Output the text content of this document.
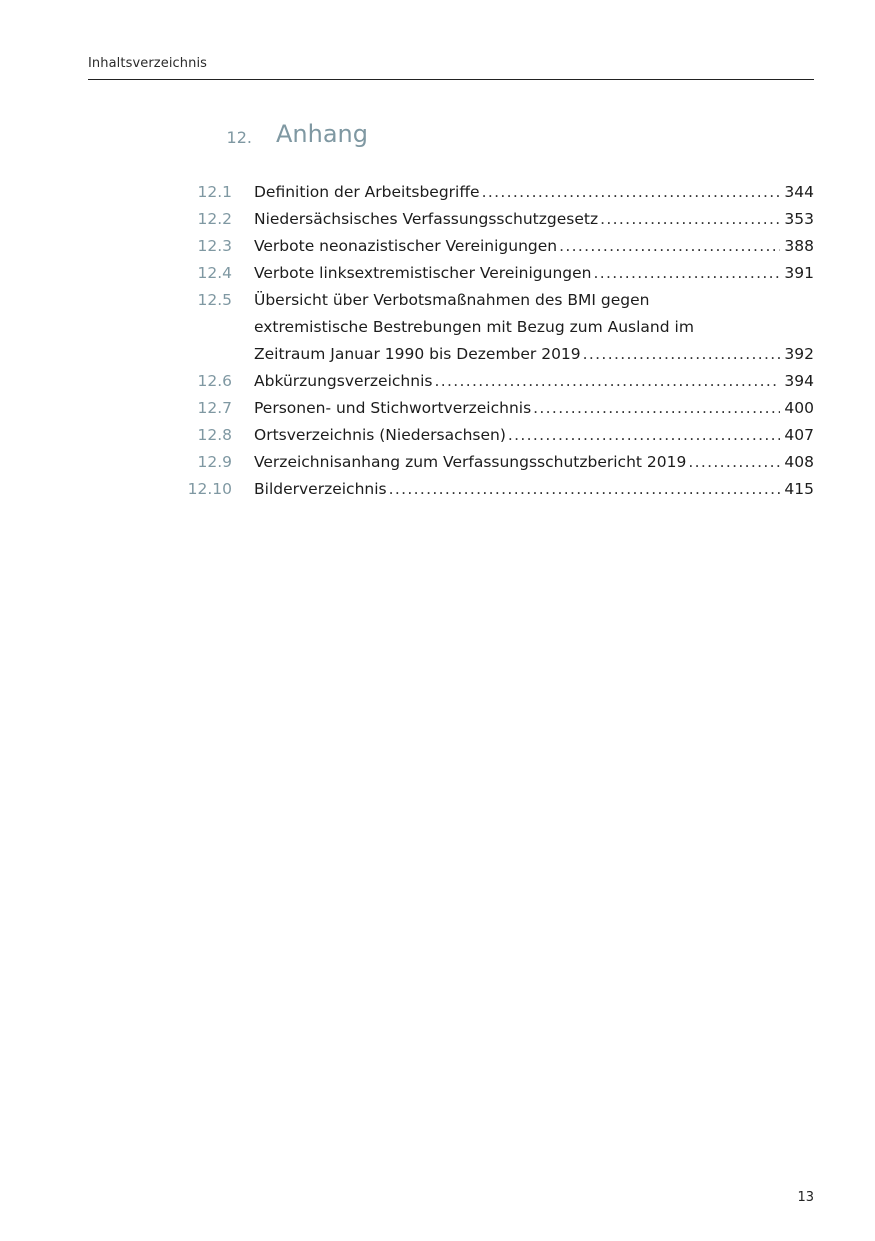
Inhaltsverzeichnis
12. Anhang
12.1	Definition der Arbeitsbegriffe . . .	344
12.2	Niedersächsisches Verfassungsschutzgesetz . . .	353
12.3	Verbote neonazistischer Vereinigungen . . .	388
12.4	Verbote linksextremistischer Vereinigungen . . .	391
12.5	Übersicht über Verbotsmaßnahmen des BMI gegen
extremistische Bestrebungen mit Bezug zum Ausland im
Zeitraum Januar 1990 bis Dezember 2019 . . .	392
12.6	Abkürzungsverzeichnis . . .	394
12.7	Personen- und Stichwortverzeichnis . . .	400
12.8	Ortsverzeichnis (Niedersachsen) . . .	407
12.9	Verzeichnisanhang zum Verfassungsschutzbericht 2019 . . .	408
12.10	Bilderverzeichnis . . .	415
13
